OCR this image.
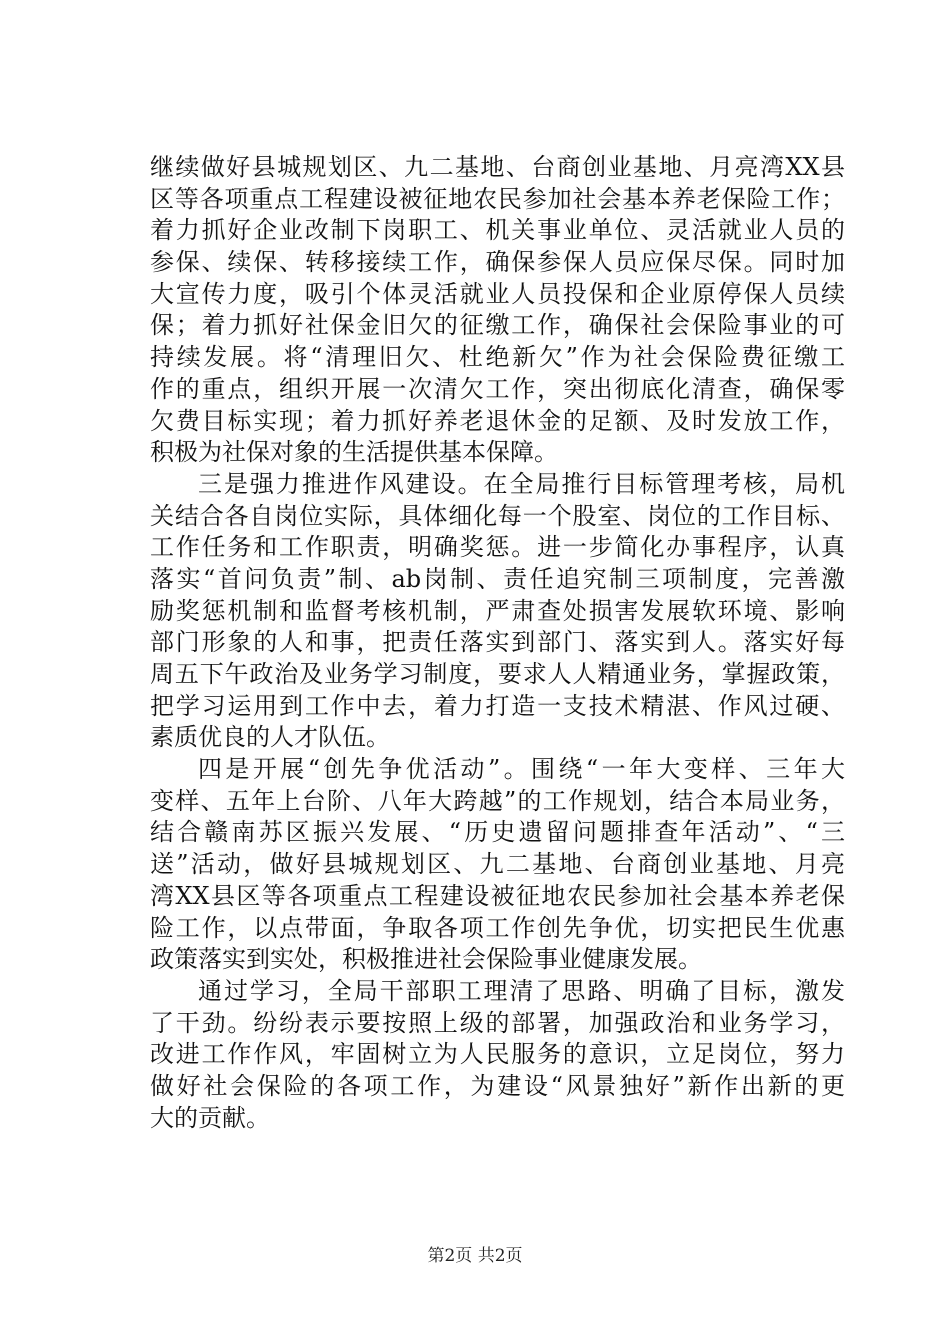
继续做好县城规划区、九二基地、台商创业基地、月亮湾XX县
区等各项重点工程建设被征地农民参加社会基本养老保险工作；
着力抓好企业改制下岗职工、机关事业单位、灵活就业人员的
参保、续保、转移接续工作，确保参保人员应保尽保。同时加
大宣传力度，吸引个体灵活就业人员投保和企业原停保人员续
保；着力抓好社保金旧欠的征缴工作，确保社会保险事业的可
持续发展。将“清理旧欠、杜绝新欠”作为社会保险费征缴工
作的重点，组织开展一次清欠工作，突出彻底化清查，确保零
欠费目标实现；着力抓好养老退休金的足额、及时发放工作，
积极为社保对象的生活提供基本保障。
三是强力推进作风建设。在全局推行目标管理考核，局机
关结合各自岗位实际，具体细化每一个股室、岗位的工作目标、
工作任务和工作职责，明确奖惩。进一步简化办事程序，认真
落实“首问负责”制、ab岗制、责任追究制三项制度，完善激
励奖惩机制和监督考核机制，严肃查处损害发展软环境、影响
部门形象的人和事，把责任落实到部门、落实到人。落实好每
周五下午政治及业务学习制度，要求人人精通业务，掌握政策，
把学习运用到工作中去，着力打造一支技术精湛、作风过硬、
素质优良的人才队伍。
四是开展“创先争优活动”。围绕“一年大变样、三年大
变样、五年上台阶、八年大跨越”的工作规划，结合本局业务，
结合赣南苏区振兴发展、“历史遗留问题排查年活动”、“三
送”活动，做好县城规划区、九二基地、台商创业基地、月亮
湾XX县区等各项重点工程建设被征地农民参加社会基本养老保
险工作，以点带面，争取各项工作创先争优，切实把民生优惠
政策落实到实处，积极推进社会保险事业健康发展。
通过学习，全局干部职工理清了思路、明确了目标，激发
了干劲。纷纷表示要按照上级的部署，加强政治和业务学习，
改进工作作风，牢固树立为人民服务的意识，立足岗位，努力
做好社会保险的各项工作，为建设“风景独好”新作出新的更
大的贡献。
第2页 共2页
